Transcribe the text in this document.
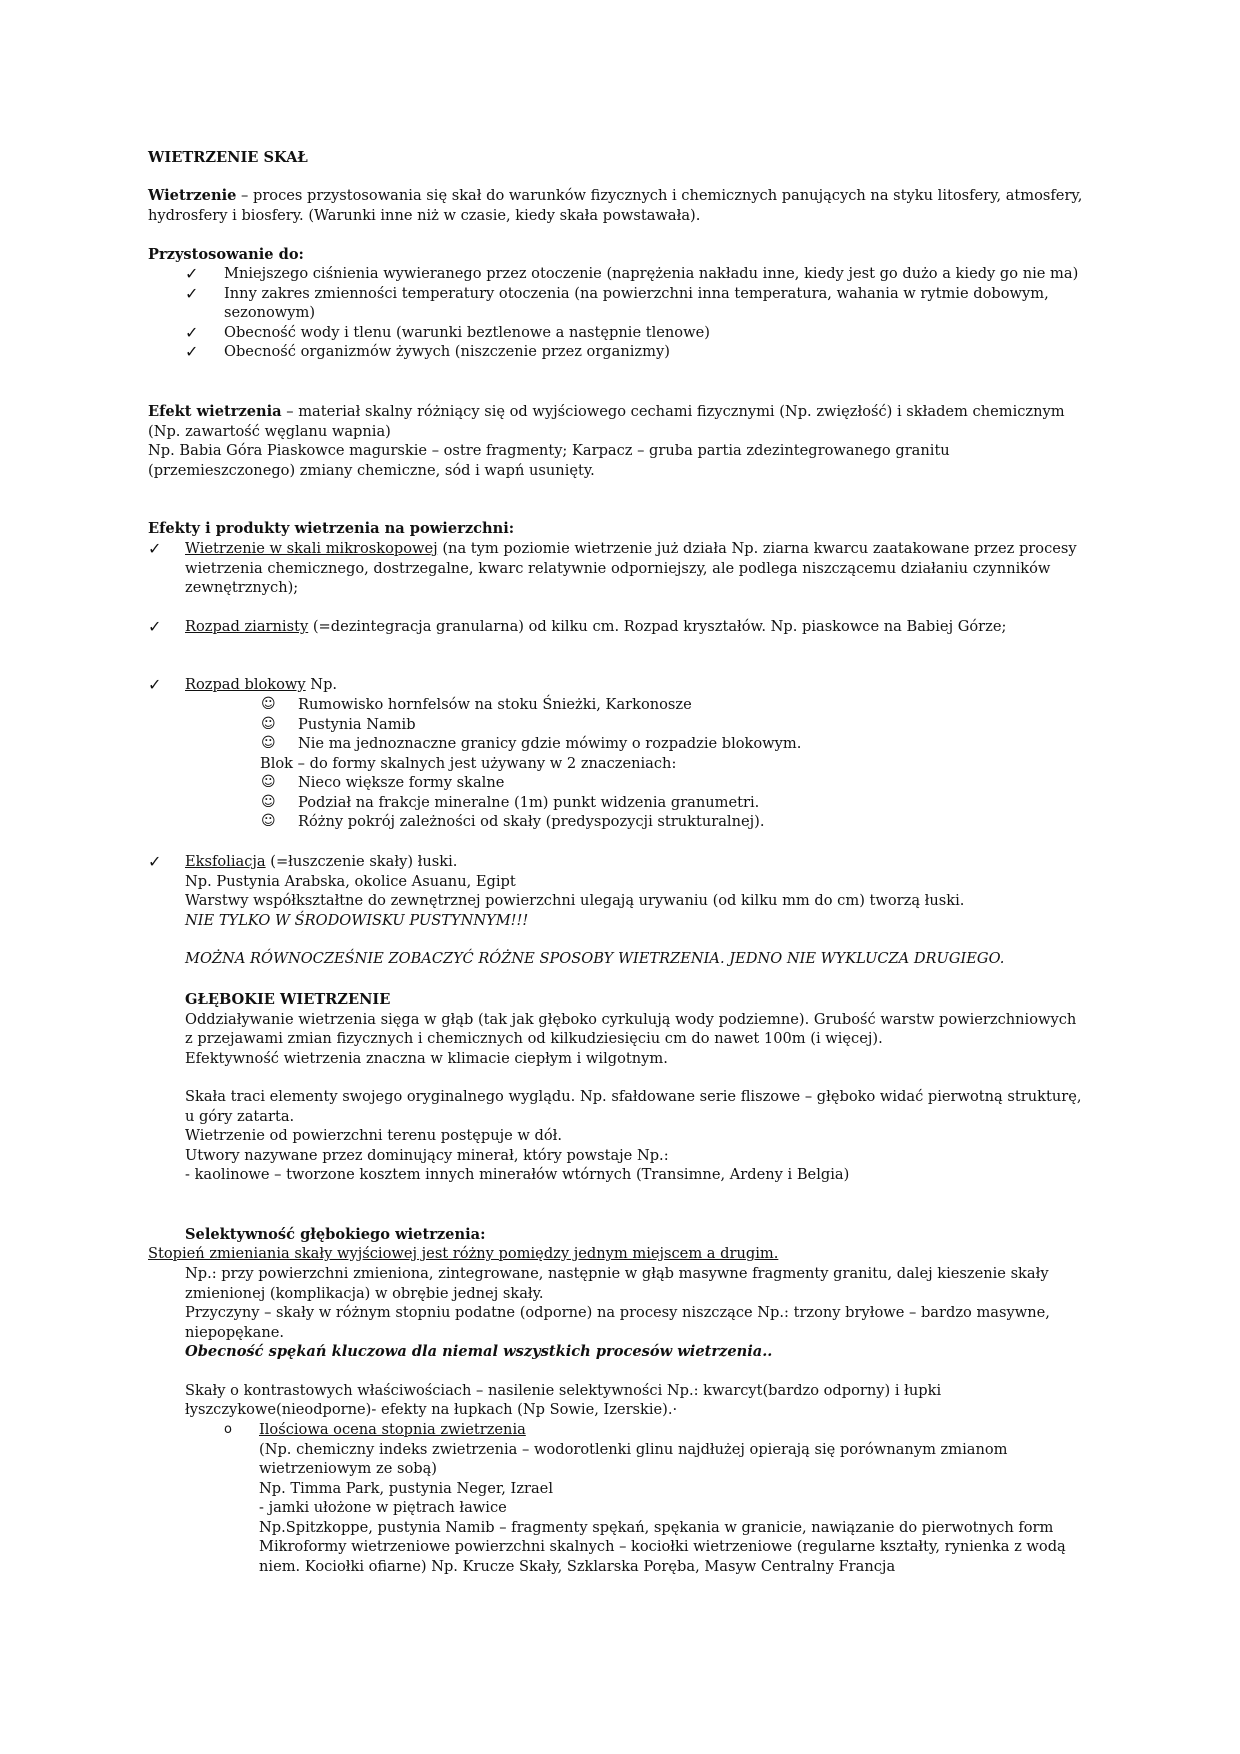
WIETRZENIE SKAŁ
Wietrzenie – proces przystosowania się skał do warunków fizycznych i chemicznych panujących na styku litosfery, atmosfery, hydrosfery i biosfery. (Warunki inne niż w czasie, kiedy skała powstawała).
Przystosowanie do:
✓ Mniejszego ciśnienia wywieranego przez otoczenie (naprężenia nakładu inne, kiedy jest go dużo a kiedy go nie ma)
✓ Inny zakres zmienności temperatury otoczenia (na powierzchni inna temperatura, wahania w rytmie dobowym, sezonowym)
✓ Obecność wody i tlenu (warunki beztlenowe a następnie tlenowe)
✓ Obecność organizmów żywych (niszczenie przez organizmy)
Efekt wietrzenia – materiał skalny różniący się od wyjściowego cechami fizycznymi (Np. zwięzłość) i składem chemicznym (Np. zawartość węglanu wapnia)
Np. Babia Góra Piaskowce magurskie – ostre fragmenty; Karpacz – gruba partia zdezintegrowanego granitu (przemieszczonego) zmiany chemiczne, sód i wapń usunięty.
Efekty i produkty wietrzenia na powierzchni:
✓ Wietrzenie w skali mikroskopowej (na tym poziomie wietrzenie już działa Np. ziarna kwarcu zaatakowane przez procesy wietrzenia chemicznego, dostrzegalne, kwarc relatywnie odporniejszy, ale podlega niszczącemu działaniu czynników zewnętrznych);
✓ Rozpad ziarnisty (=dezintegracja granularna) od kilku cm. Rozpad kryształów. Np. piaskowce na Babiej Górze;
✓ Rozpad blokowy Np.
☺ Rumowisko hornfelsów na stoku Śnieżki, Karkonosze
☺ Pustynia Namib
☺ Nie ma jednoznaczne granicy gdzie mówimy o rozpadzie blokowym.
Blok – do formy skalnych jest używany w 2 znaczeniach:
☺ Nieco większe formy skalne
☺ Podział na frakcje mineralne (1m) punkt widzenia granumetri.
☺ Różny pokrój zależności od skały (predyspozycji strukturalnej).
✓ Eksfoliacja (=łuszczenie skały) łuski.
Np. Pustynia Arabska, okolice Asuanu, Egipt
Warstwy współkształtne do zewnętrznej powierzchni ulegają urywaniu (od kilku mm do cm) tworzą łuski.
NIE TYLKO W ŚRODOWISKU PUSTYNNYM!!!
MOŻNA RÓWNOCZEŚNIE ZOBACZYĆ RÓŻNE SPOSOBY WIETRZENIA. JEDNO NIE WYKLUCZA DRUGIEGO.
GŁĘBOKIE WIETRZENIE
Oddziaływanie wietrzenia sięga w głąb (tak jak głęboko cyrkulują wody podziemne). Grubość warstw powierzchniowych z przejawami zmian fizycznych i chemicznych od kilkudziesięciu cm do nawet 100m (i więcej).
Efektywność wietrzenia znaczna w klimacie ciepłym i wilgotnym.
Skała traci elementy swojego oryginalnego wyglądu. Np. sfałdowane serie fliszowe – głęboko widać pierwotną strukturę, u góry zatarta.
Wietrzenie od powierzchni terenu postępuje w dół.
Utwory nazywane przez dominujący minerał, który powstaje Np.:
- kaolinowe – tworzone kosztem innych minerałów wtórnych (Transimne, Ardeny i Belgia)
Selektywność głębokiego wietrzenia:
Stopień zmieniania skały wyjściowej jest różny pomiędzy jednym miejscem a drugim.
Np.: przy powierzchni zmieniona, zintegrowane, następnie w głąb masywne fragmenty granitu, dalej kieszenie skały zmienionej (komplikacja) w obrębie jednej skały.
Przyczyny – skały w różnym stopniu podatne (odporne) na procesy niszczące Np.: trzony bryłowe – bardzo masywne, niepopękane.
Obecność spękań kluczowa dla niemal wszystkich procesów wietrzenia..
Skały o kontrastowych właściwościach – nasilenie selektywności Np.: kwarcyt(bardzo odporny) i łupki łyszczykowe(nieodporne)- efekty na łupkach (Np Sowie, Izerskie).·
o Ilościowa ocena stopnia zwietrzenia
(Np. chemiczny indeks zwietrzenia – wodorotlenki glinu najdłużej opierają się porównanym zmianom wietrzeniowym ze sobą)
Np. Timma Park, pustynia Neger, Izrael
- jamki ułożone w piętrach ławice
Np.Spitzkoppe, pustynia Namib – fragmenty spękań, spękania w granicie, nawiązanie do pierwotnych form
Mikroformy wietrzeniowe powierzchni skalnych – kociołki wietrzeniowe (regularne kształty, rynienka z wodą niem. Kociołki ofiarne) Np. Krucze Skały, Szklarska Poręba, Masyw Centralny Francja
